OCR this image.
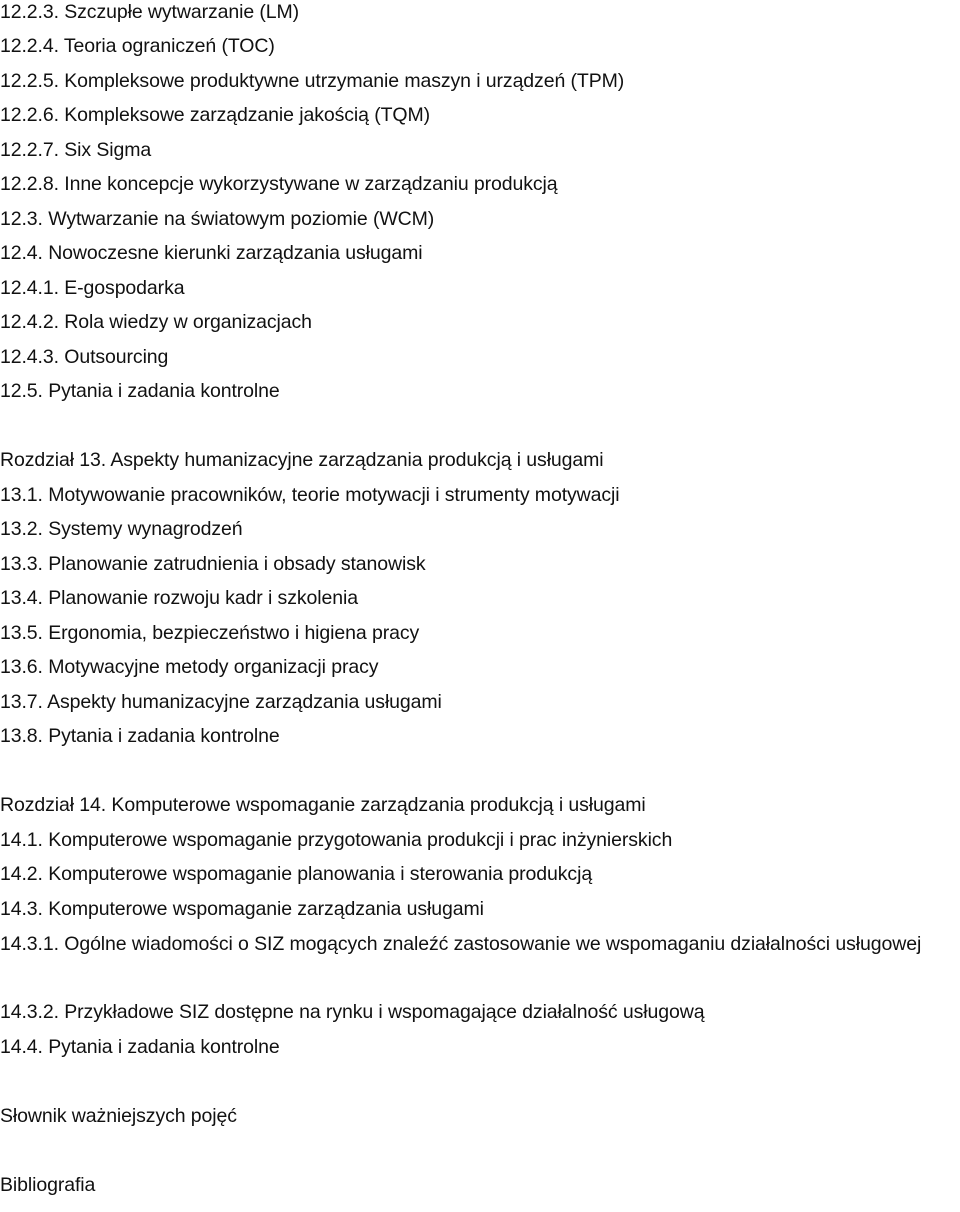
12.2.3. Szczupłe wytwarzanie (LM)
12.2.4. Teoria ograniczeń (TOC)
12.2.5. Kompleksowe produktywne utrzymanie maszyn i urządzeń (TPM)
12.2.6. Kompleksowe zarządzanie jakością (TQM)
12.2.7. Six Sigma
12.2.8. Inne koncepcje wykorzystywane w zarządzaniu produkcją
12.3. Wytwarzanie na światowym poziomie (WCM)
12.4. Nowoczesne kierunki zarządzania usługami
12.4.1. E-gospodarka
12.4.2. Rola wiedzy w organizacjach
12.4.3. Outsourcing
12.5. Pytania i zadania kontrolne
Rozdział 13. Aspekty humanizacyjne zarządzania produkcją i usługami
13.1. Motywowanie pracowników, teorie motywacji i strumenty motywacji
13.2. Systemy wynagrodzeń
13.3. Planowanie zatrudnienia i obsady stanowisk
13.4. Planowanie rozwoju kadr i szkolenia
13.5. Ergonomia, bezpieczeństwo i higiena pracy
13.6. Motywacyjne metody organizacji pracy
13.7. Aspekty humanizacyjne zarządzania usługami
13.8. Pytania i zadania kontrolne
Rozdział 14. Komputerowe wspomaganie zarządzania produkcją i usługami
14.1. Komputerowe wspomaganie przygotowania produkcji i prac inżynierskich
14.2. Komputerowe wspomaganie planowania i sterowania produkcją
14.3. Komputerowe wspomaganie zarządzania usługami
14.3.1. Ogólne wiadomości o SIZ mogących znaleźć zastosowanie we wspomaganiu działalności usługowej
14.3.2. Przykładowe SIZ dostępne na rynku i wspomagające działalność usługową
14.4. Pytania i zadania kontrolne
Słownik ważniejszych pojęć
Bibliografia
